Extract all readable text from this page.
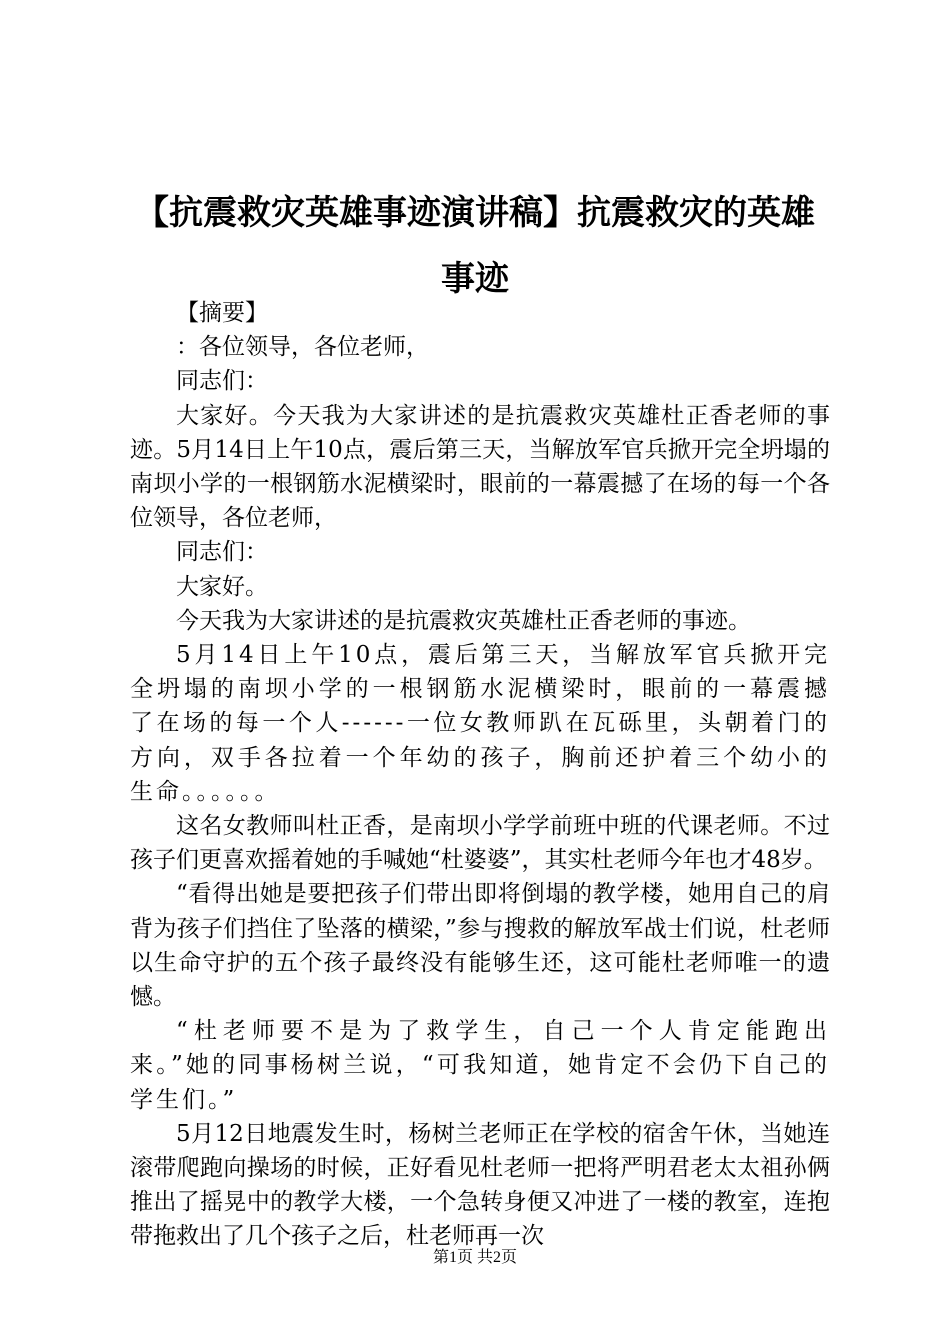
【抗震救灾英雄事迹演讲稿】抗震救灾的英雄事迹

【摘要】

：各位领导，各位老师，

同志们：

大家好。今天我为大家讲述的是抗震救灾英雄杜正香老师的事迹。5月14日上午10点，震后第三天，当解放军官兵掀开完全坍塌的南坝小学的一根钢筋水泥横梁时，眼前的一幕震撼了在场的每一个各位领导，各位老师，

同志们：

大家好。

今天我为大家讲述的是抗震救灾英雄杜正香老师的事迹。

5月14日上午10点，震后第三天，当解放军官兵掀开完全坍塌的南坝小学的一根钢筋水泥横梁时，眼前的一幕震撼了在场的每一个人------一位女教师趴在瓦砾里，头朝着门的方向，双手各拉着一个年幼的孩子，胸前还护着三个幼小的生命。。。。。。

这名女教师叫杜正香，是南坝小学学前班中班的代课老师。不过孩子们更喜欢摇着她的手喊她“杜婆婆”，其实杜老师今年也才48岁。

“看得出她是要把孩子们带出即将倒塌的教学楼，她用自己的肩背为孩子们挡住了坠落的横梁，”参与搜救的解放军战士们说，杜老师以生命守护的五个孩子最终没有能够生还，这可能杜老师唯一的遗憾。

“杜老师要不是为了救学生，自己一个人肯定能跑出来。”她的同事杨树兰说，“可我知道，她肯定不会仍下自己的学生们。”

5月12日地震发生时，杨树兰老师正在学校的宿舍午休，当她连滚带爬跑向操场的时候，正好看见杜老师一把将严明君老太太祖孙俩推出了摇晃中的教学大楼，一个急转身便又冲进了一楼的教室，连抱带拖救出了几个孩子之后，杜老师再一次

第1页 共2页
